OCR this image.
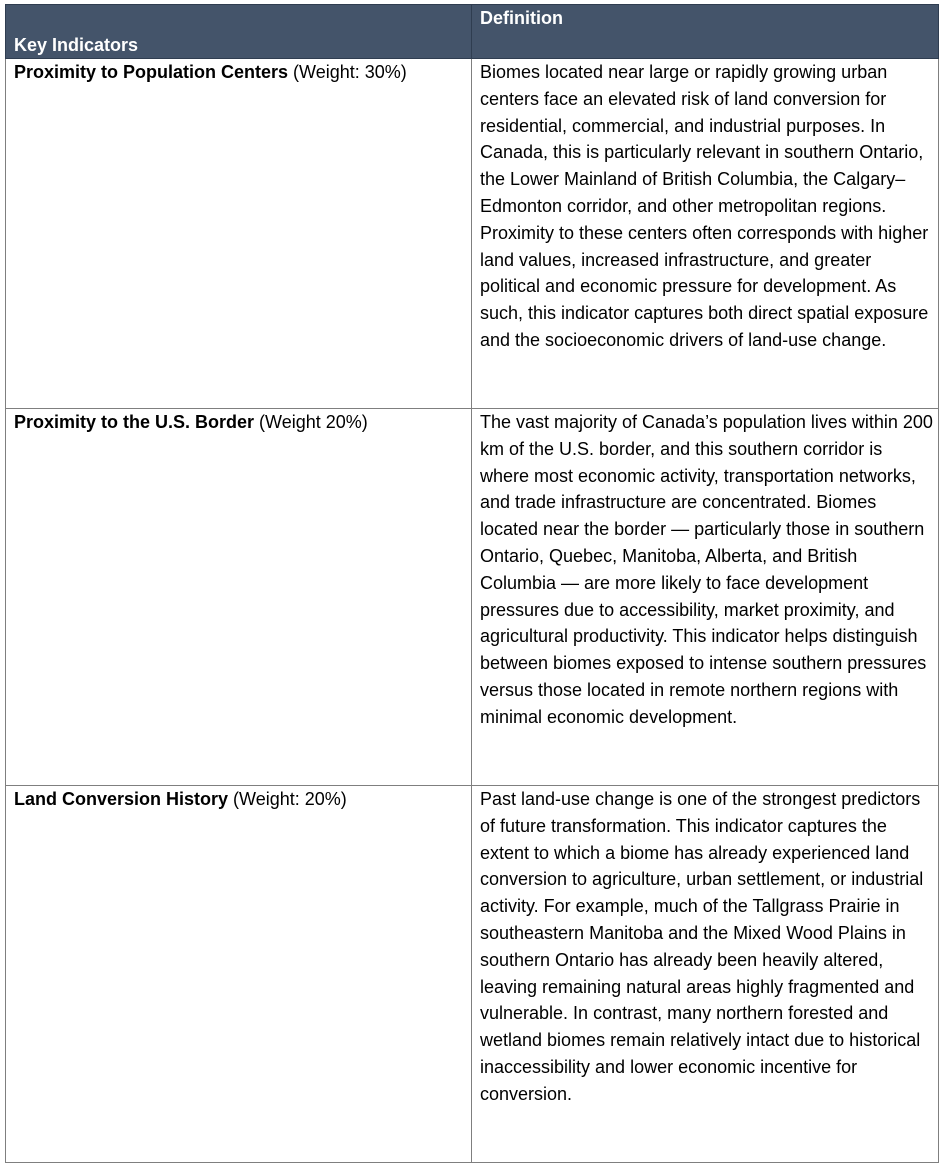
Key Indicators	Definition
Proximity to Population Centers (Weight: 30%)	Biomes located near large or rapidly growing urban centers face an elevated risk of land conversion for residential, commercial, and industrial purposes. In Canada, this is particularly relevant in southern Ontario, the Lower Mainland of British Columbia, the Calgary–Edmonton corridor, and other metropolitan regions. Proximity to these centers often corresponds with higher land values, increased infrastructure, and greater political and economic pressure for development. As such, this indicator captures both direct spatial exposure and the socioeconomic drivers of land-use change.
Proximity to the U.S. Border (Weight 20%)	The vast majority of Canada’s population lives within 200 km of the U.S. border, and this southern corridor is where most economic activity, transportation networks, and trade infrastructure are concentrated. Biomes located near the border — particularly those in southern Ontario, Quebec, Manitoba, Alberta, and British Columbia — are more likely to face development pressures due to accessibility, market proximity, and agricultural productivity. This indicator helps distinguish between biomes exposed to intense southern pressures versus those located in remote northern regions with minimal economic development.
Land Conversion History (Weight: 20%)	Past land-use change is one of the strongest predictors of future transformation. This indicator captures the extent to which a biome has already experienced land conversion to agriculture, urban settlement, or industrial activity. For example, much of the Tallgrass Prairie in southeastern Manitoba and the Mixed Wood Plains in southern Ontario has already been heavily altered, leaving remaining natural areas highly fragmented and vulnerable. In contrast, many northern forested and wetland biomes remain relatively intact due to historical inaccessibility and lower economic incentive for conversion.
